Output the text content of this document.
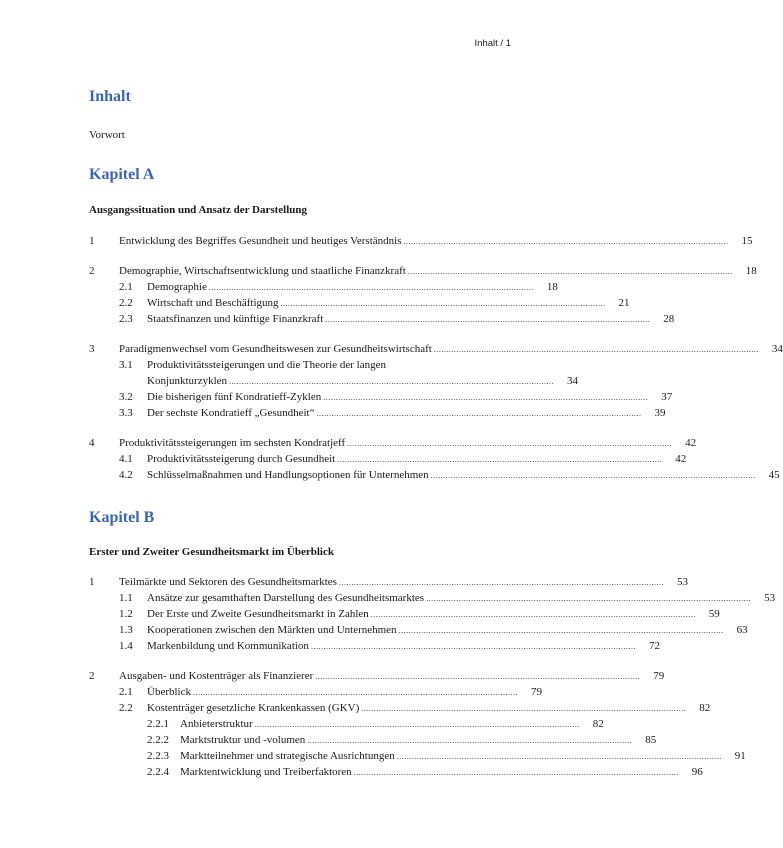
Inhalt / 1
Inhalt
Vorwort
Kapitel A
Ausgangssituation und Ansatz der Darstellung
1 Entwicklung des Begriffes Gesundheit und heutiges Verständnis ..................................................................................................................................	15
2 Demographie, Wirtschaftsentwicklung und staatliche Finanzkraft ..................................................................................................................................	18
2.1 Demographie ..................................................................................................................................	18
2.2 Wirtschaft und Beschäftigung ..................................................................................................................................	21
2.3 Staatsfinanzen und künftige Finanzkraft ..................................................................................................................................	28
3 Paradigmenwechsel vom Gesundheitswesen zur Gesundheitswirtschaft ..................................................................................................................................	34
3.1 Produktivitätssteigerungen und die Theorie der langen
Konjunkturzyklen ..................................................................................................................................	34
3.2 Die bisherigen fünf Kondratieff-Zyklen ..................................................................................................................................	37
3.3 Der sechste Kondratieff „Gesundheit“ ..................................................................................................................................	39
4 Produktivitätssteigerungen im sechsten Kondratjeff ..................................................................................................................................	42
4.1 Produktivitätssteigerung durch Gesundheit ..................................................................................................................................	42
4.2 Schlüsselmaßnahmen und Handlungsoptionen für Unternehmen ..................................................................................................................................	45
Kapitel B
Erster und Zweiter Gesundheitsmarkt im Überblick
1 Teilmärkte und Sektoren des Gesundheitsmarktes ..................................................................................................................................	53
1.1 Ansätze zur gesamthaften Darstellung des Gesundheitsmarktes ..................................................................................................................................	53
1.2 Der Erste und Zweite Gesundheitsmarkt in Zahlen ..................................................................................................................................	59
1.3 Kooperationen zwischen den Märkten und Unternehmen ..................................................................................................................................	63
1.4 Markenbildung und Kommunikation ..................................................................................................................................	72
2 Ausgaben- und Kostenträger als Finanzierer ..................................................................................................................................	79
2.1 Überblick ..................................................................................................................................	79
2.2 Kostenträger gesetzliche Krankenkassen (GKV) ..................................................................................................................................	82
2.2.1 Anbieterstruktur ..................................................................................................................................	82
2.2.2 Marktstruktur und -volumen ..................................................................................................................................	85
2.2.3 Marktteilnehmer und strategische Ausrichtungen ..................................................................................................................................	91
2.2.4 Marktentwicklung und Treiberfaktoren ..................................................................................................................................	96
